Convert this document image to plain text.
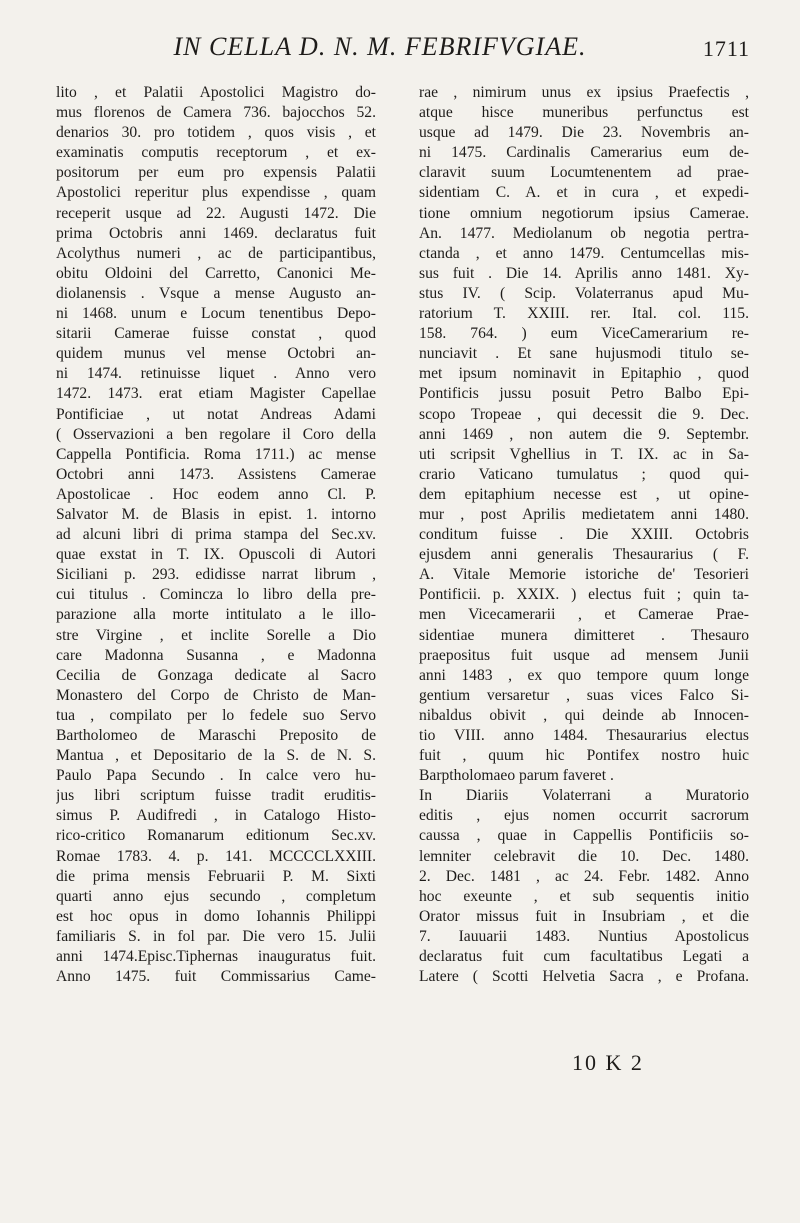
IN CELLA D. N. M. FEBRIFVGIAE.	1711
lito , et Palatii Apostolici Magistro do-
mus florenos de Camera 736. bajocchos 52.
denarios 30. pro totidem , quos visis , et
examinatis computis receptorum , et ex-
positorum per eum pro expensis Palatii
Apostolici reperitur plus expendisse , quam
receperit usque ad 22. Augusti 1472. Die
prima Octobris anni 1469. declaratus fuit
Acolythus numeri , ac de participantibus,
obitu Oldoini del Carretto, Canonici Me-
diolanensis . Vsque a mense Augusto an-
ni 1468. unum e Locum tenentibus Depo-
sitarii Camerae fuisse constat , quod
quidem munus vel mense Octobri an-
ni 1474. retinuisse liquet . Anno vero
1472. 1473. erat etiam Magister Capellae
Pontificiae , ut notat Andreas Adami
( Osservazioni a ben regolare il Coro della
Cappella Pontificia. Roma 1711.) ac mense
Octobri anni 1473. Assistens Camerae
Apostolicae . Hoc eodem anno Cl. P.
Salvator M. de Blasis in epist. 1. intorno
ad alcuni libri di prima stampa del Sec.xv.
quae exstat in T. IX. Opuscoli di Autori
Siciliani p. 293. edidisse narrat librum ,
cui titulus . Comincza lo libro della pre-
parazione alla morte intitulato a le illo-
stre Virgine , et inclite Sorelle a Dio
care Madonna Susanna , e Madonna
Cecilia de Gonzaga dedicate al Sacro
Monastero del Corpo de Christo de Man-
tua , compilato per lo fedele suo Servo
Bartholomeo de Maraschi Preposito de
Mantua , et Depositario de la S. de N. S.
Paulo Papa Secundo . In calce vero hu-
jus libri scriptum fuisse tradit eruditis-
simus P. Audifredi , in Catalogo Histo-
rico-critico Romanarum editionum Sec.xv.
Romae 1783. 4. p. 141. MCCCCLXXIII.
die prima mensis Februarii P. M. Sixti
quarti anno ejus secundo , completum
est hoc opus in domo Iohannis Philippi
familiaris S. in fol par. Die vero 15. Julii
anni 1474.Episc.Tiphernas inauguratus fuit.
Anno 1475. fuit Commissarius Came-
rae , nimirum unus ex ipsius Praefectis ,
atque hisce muneribus perfunctus est
usque ad 1479. Die 23. Novembris an-
ni 1475. Cardinalis Camerarius eum de-
claravit suum Locumtenentem ad prae-
sidentiam C. A. et in cura , et expedi-
tione omnium negotiorum ipsius Camerae.
An. 1477. Mediolanum ob negotia pertra-
ctanda , et anno 1479. Centumcellas mis-
sus fuit . Die 14. Aprilis anno 1481. Xy-
stus IV. ( Scip. Volaterranus apud Mu-
ratorium T. XXIII. rer. Ital. col. 115.
158. 764. ) eum ViceCamerarium re-
nunciavit . Et sane hujusmodi titulo se-
met ipsum nominavit in Epitaphio , quod
Pontificis jussu posuit Petro Balbo Epi-
scopo Tropeae , qui decessit die 9. Dec.
anni 1469 , non autem die 9. Septembr.
uti scripsit Vghellius in T. IX. ac in Sa-
crario Vaticano tumulatus ; quod qui-
dem epitaphium necesse est , ut opine-
mur , post Aprilis medietatem anni 1480.
conditum fuisse . Die XXIII. Octobris
ejusdem anni generalis Thesaurarius ( F.
A. Vitale Memorie istoriche de' Tesorieri
Pontificii. p. XXIX. ) electus fuit ; quin ta-
men Vicecamerarii , et Camerae Prae-
sidentiae munera dimitteret . Thesauro
praepositus fuit usque ad mensem Junii
anni 1483 , ex quo tempore quum longe
gentium versaretur , suas vices Falco Si-
nibaldus obivit , qui deinde ab Innocen-
tio VIII. anno 1484. Thesaurarius electus
fuit , quum hic Pontifex nostro huic
Barptholomaeo parum faveret .
In Diariis Volaterrani a Muratorio
editis , ejus nomen occurrit sacrorum
caussa , quae in Cappellis Pontificiis so-
lemniter celebravit die 10. Dec. 1480.
2. Dec. 1481 , ac 24. Febr. 1482. Anno
hoc exeunte , et sub sequentis initio
Orator missus fuit in Insubriam , et die
7. Iauuarii 1483. Nuntius Apostolicus
declaratus fuit cum facultatibus Legati a
Latere ( Scotti Helvetia Sacra , e Profana.
10 K 2
